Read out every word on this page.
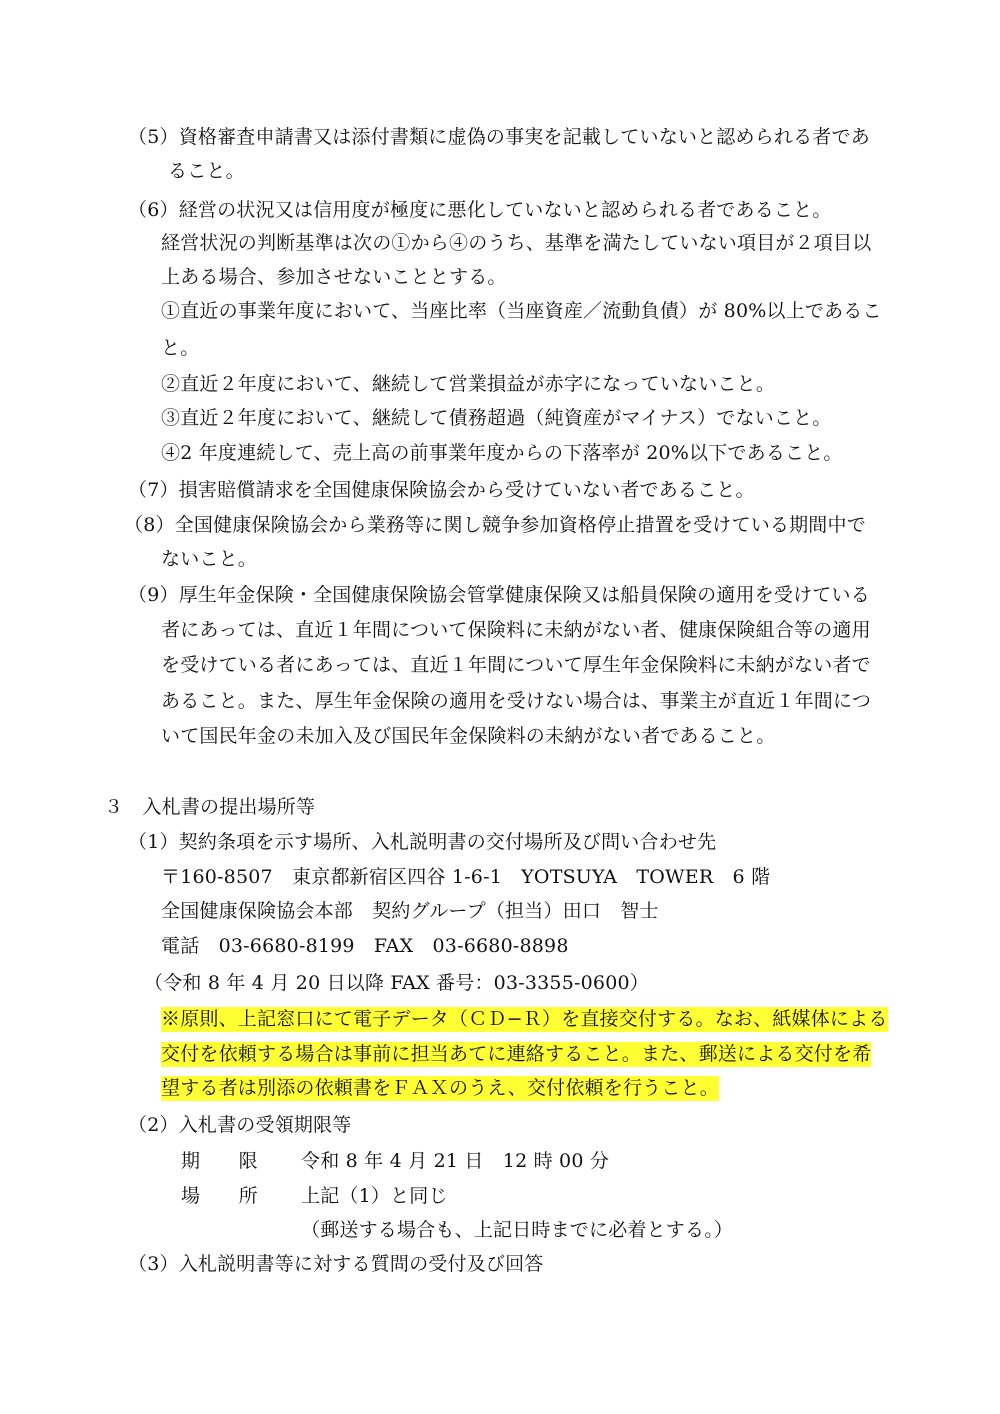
（5）資格審査申請書又は添付書類に虚偽の事実を記載していないと認められる者であ
ること。
（6）経営の状況又は信用度が極度に悪化していないと認められる者であること。
経営状況の判断基準は次の①から④のうち、基準を満たしていない項目が２項目以
上ある場合、参加させないこととする。
①直近の事業年度において、当座比率（当座資産／流動負債）が 80%以上であるこ
と。
②直近２年度において、継続して営業損益が赤字になっていないこと。
③直近２年度において、継続して債務超過（純資産がマイナス）でないこと。
④2 年度連続して、売上高の前事業年度からの下落率が 20%以下であること。
（7）損害賠償請求を全国健康保険協会から受けていない者であること。
（8）全国健康保険協会から業務等に関し競争参加資格停止措置を受けている期間中で
ないこと。
（9）厚生年金保険・全国健康保険協会管掌健康保険又は船員保険の適用を受けている
者にあっては、直近１年間について保険料に未納がない者、健康保険組合等の適用
を受けている者にあっては、直近１年間について厚生年金保険料に未納がない者で
あること。また、厚生年金保険の適用を受けない場合は、事業主が直近１年間につ
いて国民年金の未加入及び国民年金保険料の未納がない者であること。
３　入札書の提出場所等
（1）契約条項を示す場所、入札説明書の交付場所及び問い合わせ先
〒160-8507　東京都新宿区四谷 1-6-1　YOTSUYA　TOWER　6 階
全国健康保険協会本部　契約グループ（担当）田口　智士
電話　03-6680-8199　FAX　03-6680-8898
（令和 8 年 4 月 20 日以降 FAX 番号：03-3355-0600）
※原則、上記窓口にて電子データ（ＣＤ−Ｒ）を直接交付する。なお、紙媒体による
交付を依頼する場合は事前に担当あてに連絡すること。また、郵送による交付を希
望する者は別添の依頼書をＦＡＸのうえ、交付依頼を行うこと。
（2）入札書の受領期限等
期　　限 令和 8 年 4 月 21 日　12 時 00 分
場　　所 上記（1）と同じ
（郵送する場合も、上記日時までに必着とする。）
（3）入札説明書等に対する質問の受付及び回答
